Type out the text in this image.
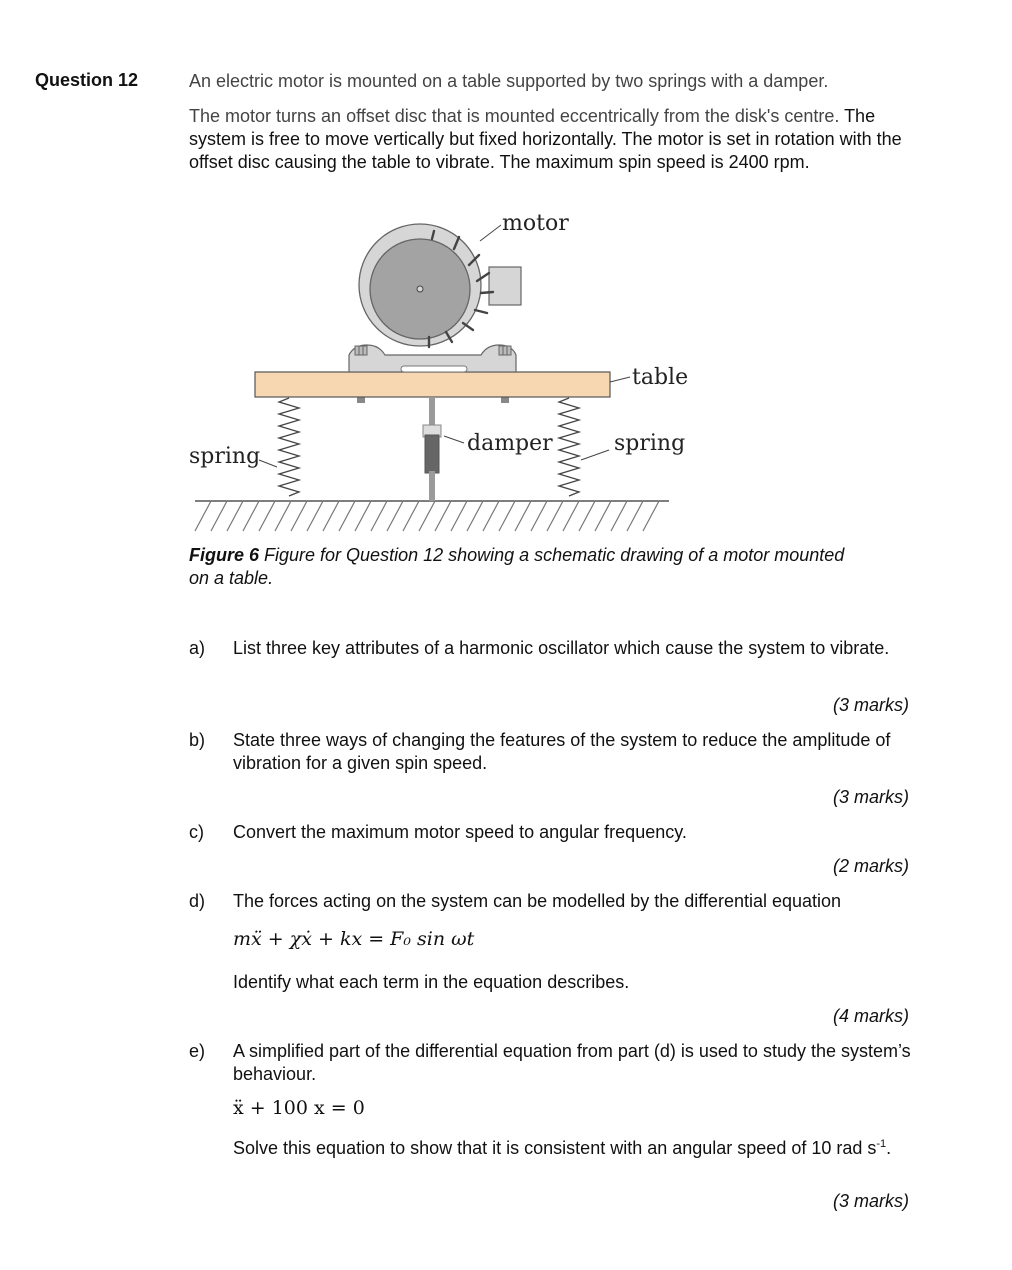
Question 12	An electric motor is mounted on a table supported by two springs with a damper.

The motor turns an offset disc that is mounted eccentrically from the disk's centre. The system is free to move vertically but fixed horizontally. The motor is set in rotation with the offset disc causing the table to vibrate. The maximum spin speed is 2400 rpm.

motor
table
spring
damper	spring
Figure 6 Figure for Question 12 showing a schematic drawing of a motor mounted on a table.
a) List three key attributes of a harmonic oscillator which cause the system to vibrate.
(3 marks)
b) State three ways of changing the features of the system to reduce the amplitude of vibration for a given spin speed.
(3 marks)
c) Convert the maximum motor speed to angular frequency.
(2 marks)
d) The forces acting on the system can be modelled by the differential equation
mẍ + χẋ + kx = F₀ sin ωt
Identify what each term in the equation describes.
(4 marks)
e) A simplified part of the differential equation from part (d) is used to study the system’s behaviour.
ẍ + 100 x = 0
Solve this equation to show that it is consistent with an angular speed of 10 rad $s^{-1}$.
(3 marks)
